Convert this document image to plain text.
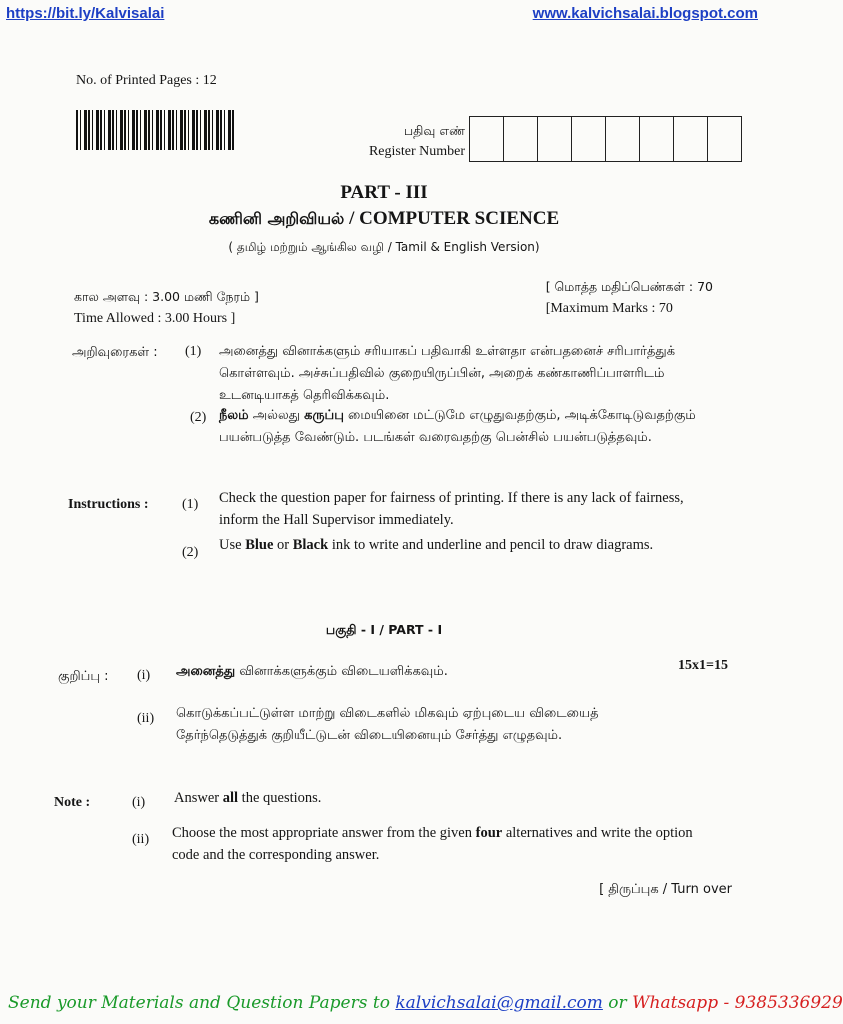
https://bit.ly/Kalvisalai	www.kalvichsalai.blogspot.com
No. of Printed Pages : 12
பதிவு எண்
Register Number
PART - III
கணினி அறிவியல் / COMPUTER SCIENCE
( தமிழ் மற்றும் ஆங்கில வழி / Tamil & English Version)
கால அளவு : 3.00 மணி நேரம் ]
Time Allowed : 3.00 Hours ]
[ மொத்த மதிப்பெண்கள் : 70
[Maximum Marks : 70
அறிவுரைகள் : (1) அனைத்து வினாக்களும் சரியாகப் பதிவாகி உள்ளதா என்பதனைச் சரிபார்த்துக் கொள்ளவும். அச்சுப்பதிவில் குறையிருப்பின், அறைக் கண்காணிப்பாளரிடம் உடனடியாகத் தெரிவிக்கவும்.
(2) நீலம் அல்லது கருப்பு மையினை மட்டுமே எழுதுவதற்கும், அடிக்கோடிடுவதற்கும் பயன்படுத்த வேண்டும். படங்கள் வரைவதற்கு பென்சில் பயன்படுத்தவும்.
Instructions : (1) Check the question paper for fairness of printing. If there is any lack of fairness, inform the Hall Supervisor immediately.
(2) Use Blue or Black ink to write and underline and pencil to draw diagrams.
பகுதி - I / PART - I
குறிப்பு : (i) அனைத்து வினாக்களுக்கும் விடையளிக்கவும்.	15x1=15
(ii) கொடுக்கப்பட்டுள்ள மாற்று விடைகளில் மிகவும் ஏற்புடைய விடையைத் தேர்ந்தெடுத்துக் குறியீட்டுடன் விடையினையும் சேர்த்து எழுதவும்.
Note :	(i) Answer all the questions.
(ii) Choose the most appropriate answer from the given four alternatives and write the option code and the corresponding answer.
[ திருப்புக / Turn over
Send your Materials and Question Papers to kalvichsalai@gmail.com or Whatsapp - 9385336929
